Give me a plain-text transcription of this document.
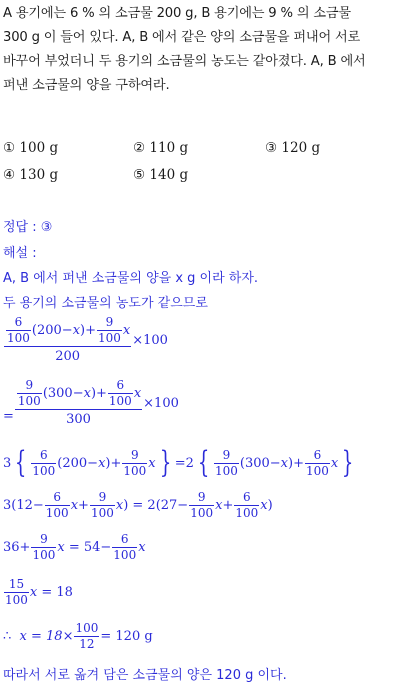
A 용기에는 6 % 의 소금물 200 g, B 용기에는 9 % 의 소금물
300 g 이 들어 있다. A, B 에서 같은 양의 소금물을 퍼내어 서로
바꾸어 부었더니 두 용기의 소금물의 농도는 같아졌다. A, B 에서
퍼낸 소금물의 양을 구하여라.
① 100 g	② 110 g	③ 120 g
④ 130 g	⑤ 140 g
정답 : ③
해설 :
A, B 에서 퍼낸 소금물의 양을 x g 이라 하자.
두 용기의 소금물의 농도가 같으므로
$\frac{\frac{6}{100} (200- x )+ \frac{9}{100} x}{200} \times 100$
= $\frac{\frac{9}{100} (300- x )+ \frac{6}{100} x}{300} \times 100$
3 { $\frac{6}{100} (200- x$ )+ $\frac{9}{100}$ x } =2 { $\frac{9}{100} (300- x$ )+ $\frac{6}{100}$ x }
$3(12- \frac{6}{100}$ $x + \frac{9}{100}$ x ) = $2(27- \frac{9}{100}$ $x + \frac{6}{100}$ x )
$36+ \frac{9}{100}$ x
= $54- \frac{6}{100}$ x
$\frac{15}{100}$ x
= 18
∴
$x = 18\times \frac{100}{12} = 120$ g
따라서 서로 옮겨 담은 소금물의 양은 120 g 이다.
